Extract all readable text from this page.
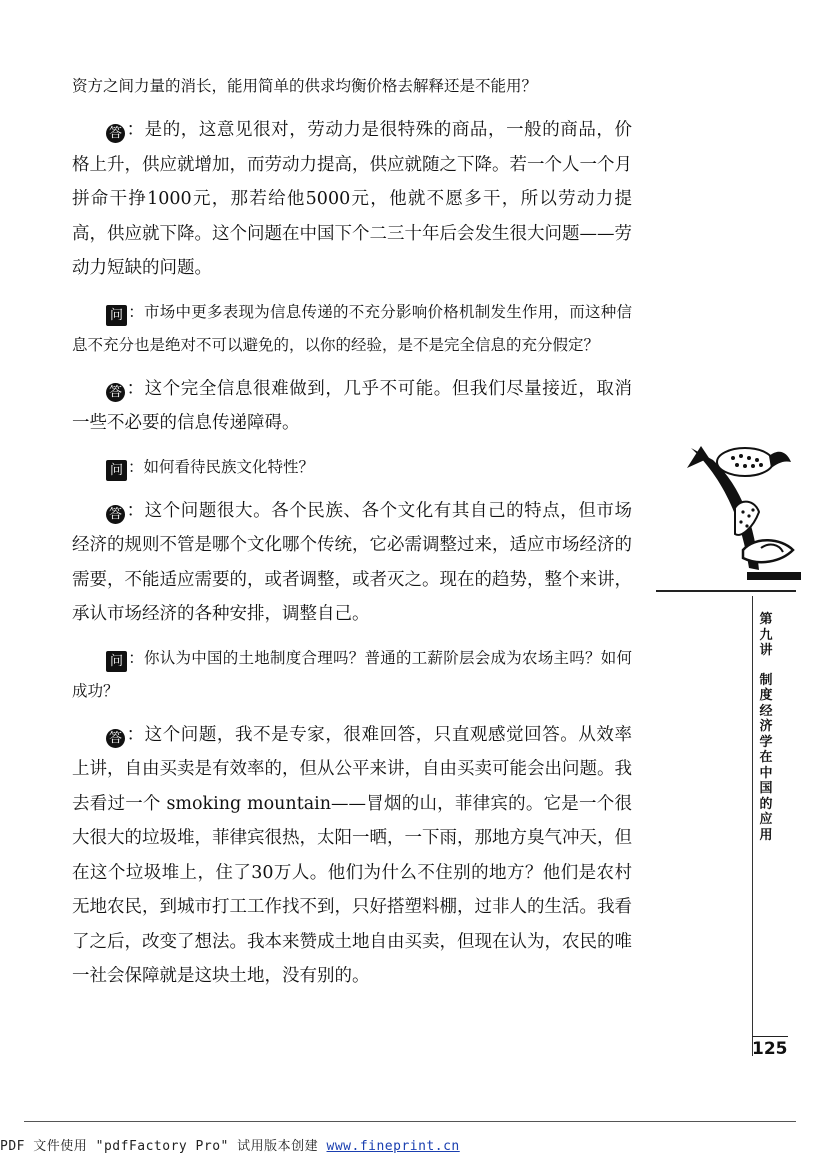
资方之间力量的消长，能用简单的供求均衡价格去解释还是不能用？

答 ：是的，这意见很对，劳动力是很特殊的商品，一般的商品，价格上升，供应就增加，而劳动力提高，供应就随之下降。若一个人一个月拼命干挣1000元，那若给他5000元，他就不愿多干，所以劳动力提高，供应就下降。这个问题在中国下个二三十年后会发生很大问题——劳动力短缺的问题。

问 ：市场中更多表现为信息传递的不充分影响价格机制发生作用，而这种信息不充分也是绝对不可以避免的，以你的经验，是不是完全信息的充分假定？

答 ：这个完全信息很难做到，几乎不可能。但我们尽量接近，取消一些不必要的信息传递障碍。

问 ：如何看待民族文化特性？

答 ：这个问题很大。各个民族、各个文化有其自己的特点，但市场经济的规则不管是哪个文化哪个传统，它必需调整过来，适应市场经济的需要，不能适应需要的，或者调整，或者灭之。现在的趋势，整个来讲，承认市场经济的各种安排，调整自己。

问 ：你认为中国的土地制度合理吗？普通的工薪阶层会成为农场主吗？如何成功？

答 ：这个问题，我不是专家，很难回答，只直观感觉回答。从效率上讲，自由买卖是有效率的，但从公平来讲，自由买卖可能会出问题。我去看过一个 smoking mountain——冒烟的山，菲律宾的。它是一个很大很大的垃圾堆，菲律宾很热，太阳一晒，一下雨，那地方臭气冲天，但在这个垃圾堆上，住了30万人。他们为什么不住别的地方？他们是农村无地农民，到城市打工工作找不到，只好搭塑料棚，过非人的生活。我看了之后，改变了想法。我本来赞成土地自由买卖，但现在认为，农民的唯一社会保障就是这块土地，没有别的。

第
九
讲
制
度
经
济
学
在
中
国
的
应
用
125
PDF 文件使用 "pdfFactory Pro" 试用版本创建 www.fineprint.cn
